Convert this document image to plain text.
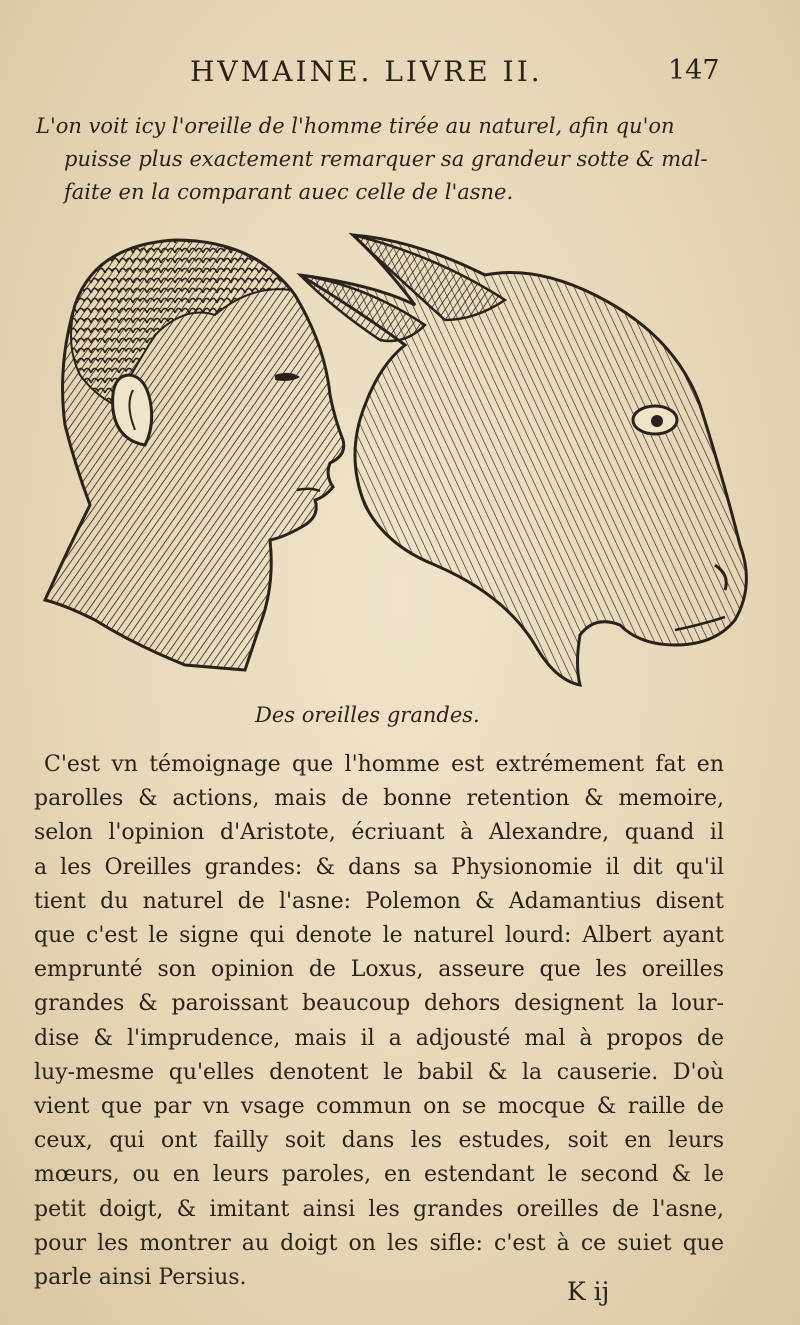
HVMAINE. LIVRE II.	147
L'on voit icy l'oreille de l'homme tirée au naturel, afin qu'on
puisse plus exactement remarquer sa grandeur sotte & mal-
faite en la comparant auec celle de l'asne.
Des oreilles grandes.
C'est vn témoignage que l'homme est extrémement fat en
parolles & actions, mais de bonne retention & memoire,
selon l'opinion d'Aristote, écriuant à Alexandre, quand il
a les Oreilles grandes: & dans sa Physionomie il dit qu'il
tient du naturel de l'asne: Polemon & Adamantius disent
que c'est le signe qui denote le naturel lourd: Albert ayant
emprunté son opinion de Loxus, asseure que les oreilles
grandes & paroissant beaucoup dehors designent la lour-
dise & l'imprudence, mais il a adjousté mal à propos de
luy-mesme qu'elles denotent le babil & la causerie. D'où
vient que par vn vsage commun on se mocque & raille de
ceux, qui ont failly soit dans les estudes, soit en leurs
mœurs, ou en leurs paroles, en estendant le second & le
petit doigt, & imitant ainsi les grandes oreilles de l'asne,
pour les montrer au doigt on les sifle: c'est à ce suiet que
parle ainsi Persius.	K ij
